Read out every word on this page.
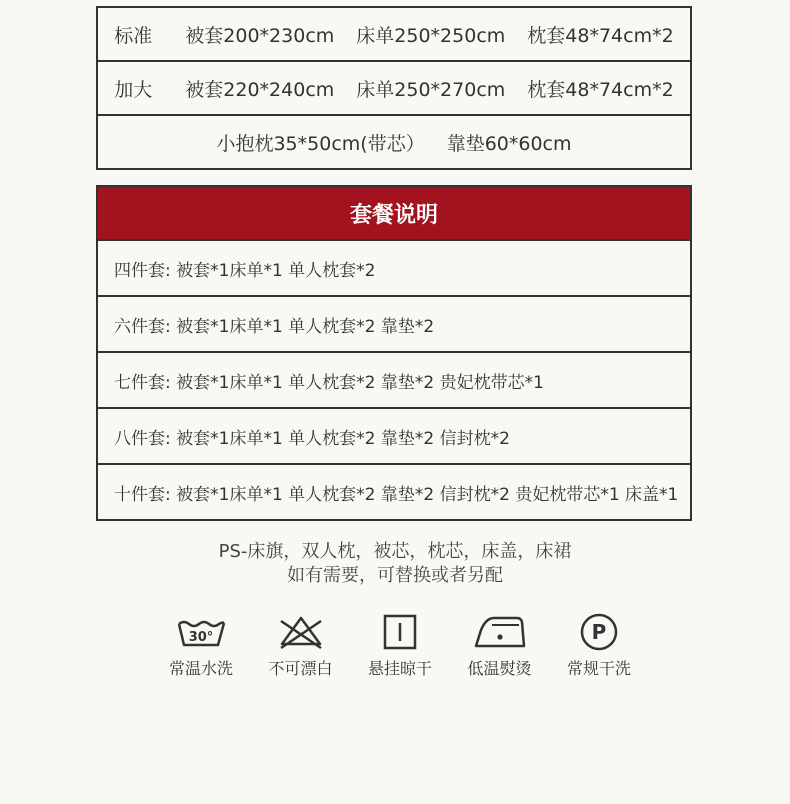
标准 被套200*230cm 床单250*250cm 枕套48*74cm*2
加大 被套220*240cm 床单250*270cm 枕套48*74cm*2
小抱枕35*50cm(带芯） 靠垫60*60cm
套餐说明
四件套: 被套*1床单*1 单人枕套*2
六件套: 被套*1床单*1 单人枕套*2 靠垫*2
七件套: 被套*1床单*1 单人枕套*2 靠垫*2 贵妃枕带芯*1
八件套: 被套*1床单*1 单人枕套*2 靠垫*2 信封枕*2
十件套: 被套*1床单*1 单人枕套*2 靠垫*2 信封枕*2 贵妃枕带芯*1 床盖*1
PS-床旗，双人枕，被芯，枕芯，床盖，床裙
如有需要，可替换或者另配
30°
常温水洗 不可漂白 悬挂晾干 低温熨烫
P
常规干洗
